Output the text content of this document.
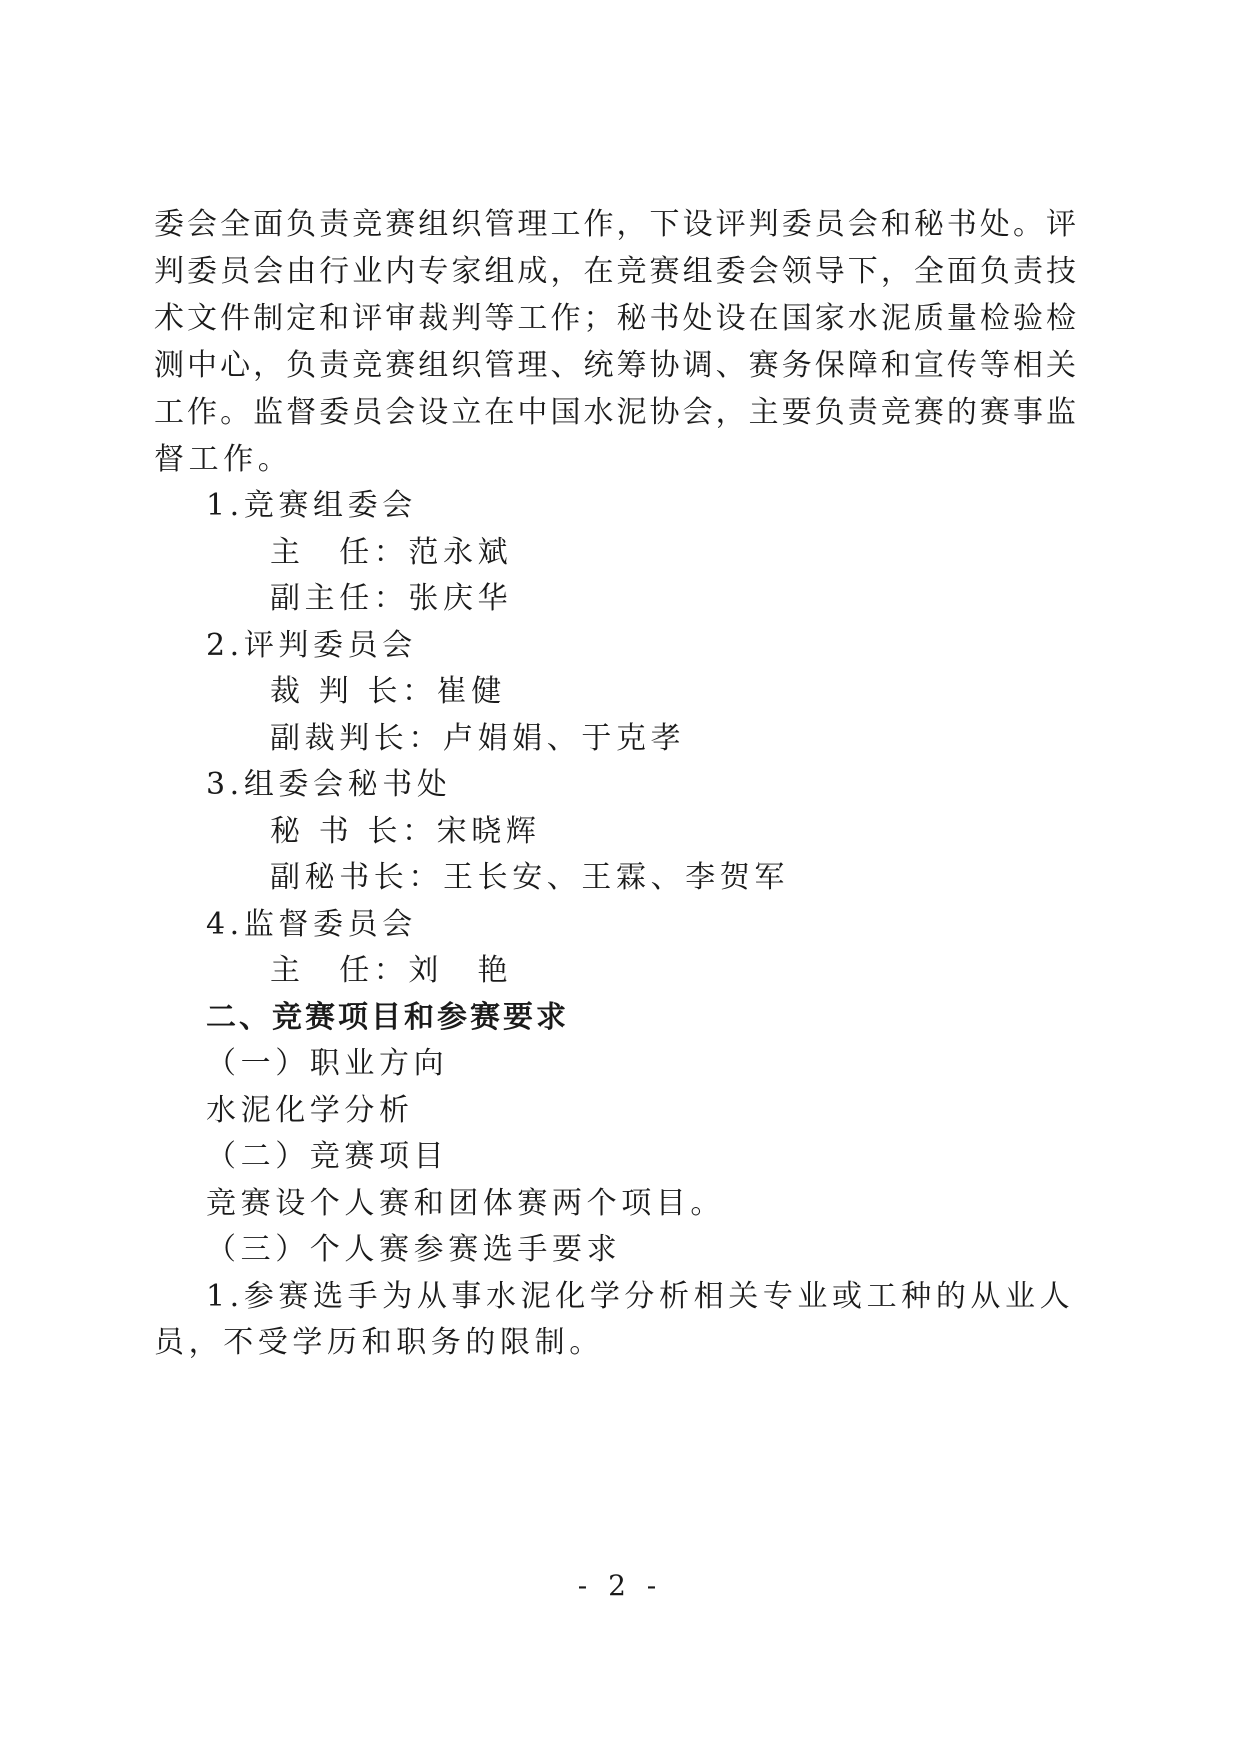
委会全面负责竞赛组织管理工作，下设评判委员会和秘书处。评
判委员会由行业内专家组成，在竞赛组委会领导下，全面负责技
术文件制定和评审裁判等工作；秘书处设在国家水泥质量检验检
测中心，负责竞赛组织管理、统筹协调、赛务保障和宣传等相关
工作。监督委员会设立在中国水泥协会，主要负责竞赛的赛事监
督工作。
1.竞赛组委会
主　任：范永斌
副主任：张庆华
2.评判委员会
裁 判 长：崔健
副裁判长：卢娟娟、于克孝
3.组委会秘书处
秘 书 长：宋晓辉
副秘书长：王长安、王霖、李贺军
4.监督委员会
主　任：刘　艳
二、竞赛项目和参赛要求
（一）职业方向
水泥化学分析
（二）竞赛项目
竞赛设个人赛和团体赛两个项目。
（三）个人赛参赛选手要求
1.参赛选手为从事水泥化学分析相关专业或工种的从业人
员，不受学历和职务的限制。
- 2 -
